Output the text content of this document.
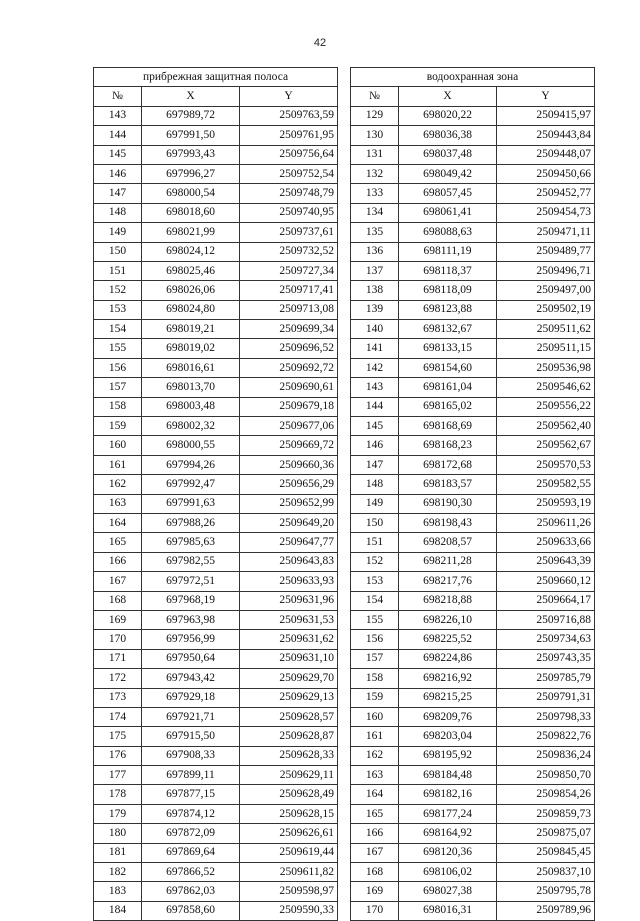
42
прибрежная защитная полоса				водоохранная зона		
№	X	Y		№	X	Y
143	697989,72	2509763,59		129	698020,22	2509415,97
144	697991,50	2509761,95		130	698036,38	2509443,84
145	697993,43	2509756,64		131	698037,48	2509448,07
146	697996,27	2509752,54		132	698049,42	2509450,66
147	698000,54	2509748,79		133	698057,45	2509452,77
148	698018,60	2509740,95		134	698061,41	2509454,73
149	698021,99	2509737,61		135	698088,63	2509471,11
150	698024,12	2509732,52		136	698111,19	2509489,77
151	698025,46	2509727,34		137	698118,37	2509496,71
152	698026,06	2509717,41		138	698118,09	2509497,00
153	698024,80	2509713,08		139	698123,88	2509502,19
154	698019,21	2509699,34		140	698132,67	2509511,62
155	698019,02	2509696,52		141	698133,15	2509511,15
156	698016,61	2509692,72		142	698154,60	2509536,98
157	698013,70	2509690,61		143	698161,04	2509546,62
158	698003,48	2509679,18		144	698165,02	2509556,22
159	698002,32	2509677,06		145	698168,69	2509562,40
160	698000,55	2509669,72		146	698168,23	2509562,67
161	697994,26	2509660,36		147	698172,68	2509570,53
162	697992,47	2509656,29		148	698183,57	2509582,55
163	697991,63	2509652,99		149	698190,30	2509593,19
164	697988,26	2509649,20		150	698198,43	2509611,26
165	697985,63	2509647,77		151	698208,57	2509633,66
166	697982,55	2509643,83		152	698211,28	2509643,39
167	697972,51	2509633,93		153	698217,76	2509660,12
168	697968,19	2509631,96		154	698218,88	2509664,17
169	697963,98	2509631,53		155	698226,10	2509716,88
170	697956,99	2509631,62		156	698225,52	2509734,63
171	697950,64	2509631,10		157	698224,86	2509743,35
172	697943,42	2509629,70		158	698216,92	2509785,79
173	697929,18	2509629,13		159	698215,25	2509791,31
174	697921,71	2509628,57		160	698209,76	2509798,33
175	697915,50	2509628,87		161	698203,04	2509822,76
176	697908,33	2509628,33		162	698195,92	2509836,24
177	697899,11	2509629,11		163	698184,48	2509850,70
178	697877,15	2509628,49		164	698182,16	2509854,26
179	697874,12	2509628,15		165	698177,24	2509859,73
180	697872,09	2509626,61		166	698164,92	2509875,07
181	697869,64	2509619,44		167	698120,36	2509845,45
182	697866,52	2509611,82		168	698106,02	2509837,10
183	697862,03	2509598,97		169	698027,38	2509795,78
184	697858,60	2509590,33		170	698016,31	2509789,96
